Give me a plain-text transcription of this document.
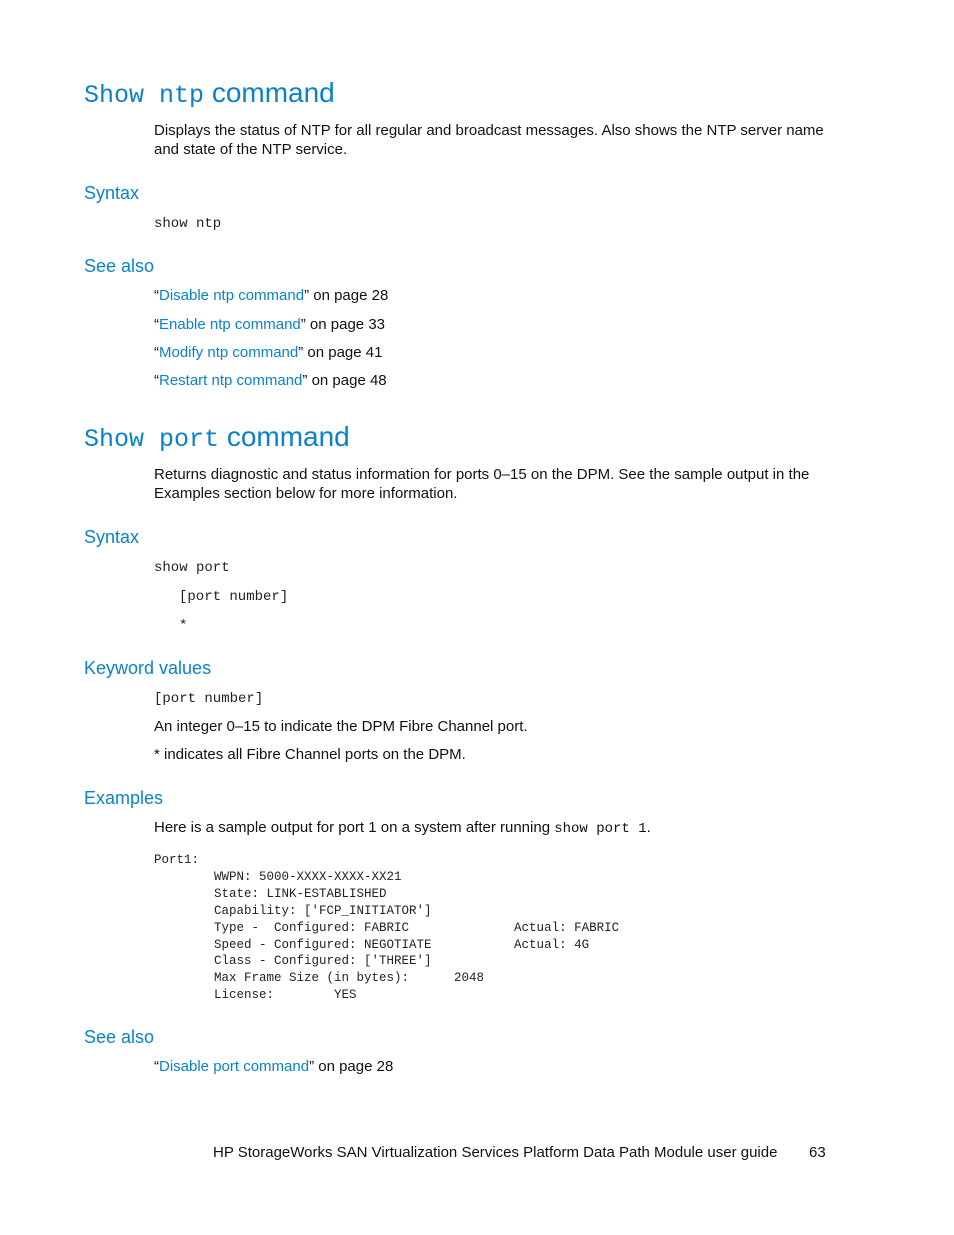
Show ntp command
Displays the status of NTP for all regular and broadcast messages. Also shows the NTP server name
and state of the NTP service.
Syntax
show ntp
See also
“Disable ntp command” on page 28
“Enable ntp command” on page 33
“Modify ntp command” on page 41
“Restart ntp command” on page 48
Show port command
Returns diagnostic and status information for ports 0–15 on the DPM. See the sample output in the
Examples section below for more information.
Syntax
show port
[port number]
*
Keyword values
[port number]
An integer 0–15 to indicate the DPM Fibre Channel port.
* indicates all Fibre Channel ports on the DPM.
Examples
Here is a sample output for port 1 on a system after running show port 1.
Port1:
WWPN: 5000-XXXX-XXXX-XX21
State: LINK-ESTABLISHED
Capability: ['FCP_INITIATOR']
Type -  Configured: FABRIC              Actual: FABRIC
Speed - Configured: NEGOTIATE           Actual: 4G
Class - Configured: ['THREE']
Max Frame Size (in bytes):      2048
License:        YES
See also
“Disable port command” on page 28
HP StorageWorks SAN Virtualization Services Platform Data Path Module user guide 63
